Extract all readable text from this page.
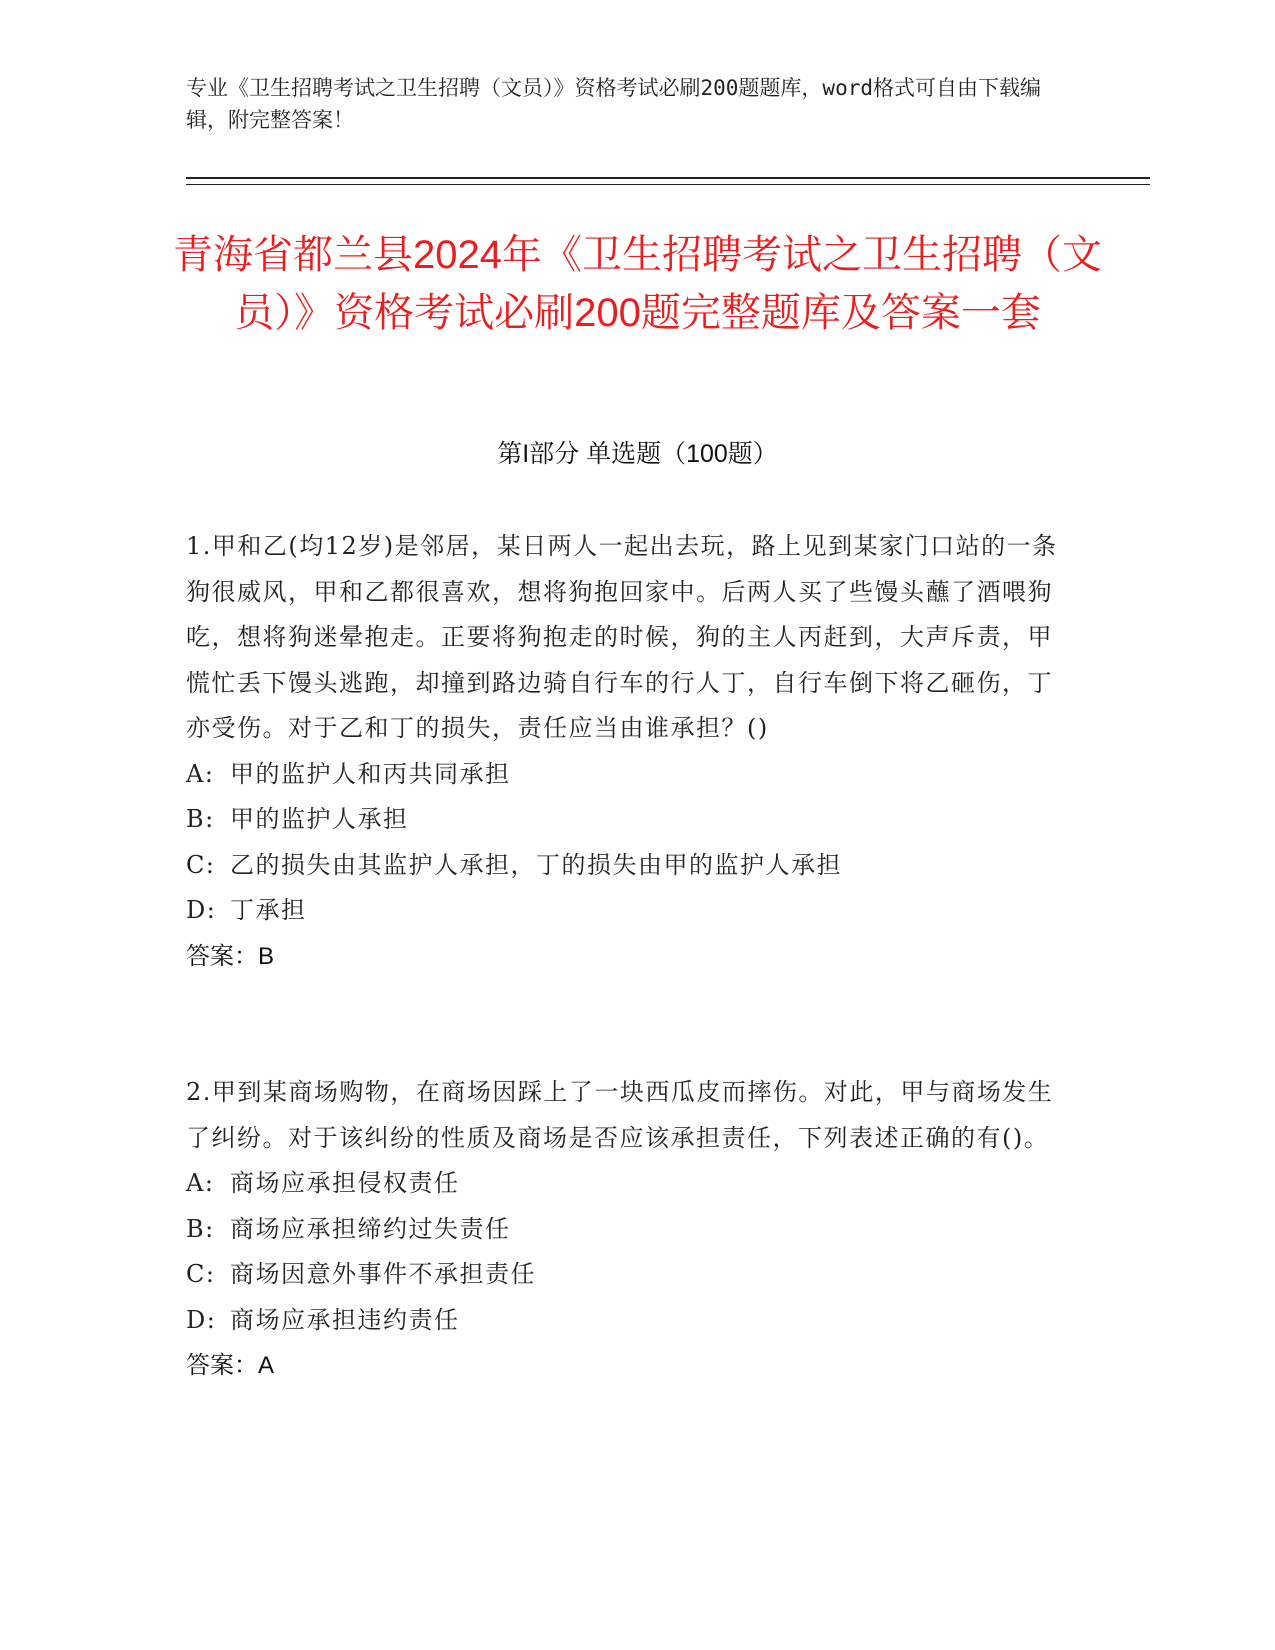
专业《卫生招聘考试之卫生招聘（文员）》资格考试必刷200题题库，word格式可自由下载编辑，附完整答案！
青海省都兰县2024年《卫生招聘考试之卫生招聘（文员）》资格考试必刷200题完整题库及答案一套
第I部分 单选题（100题）

1.甲和乙(均12岁)是邻居，某日两人一起出去玩，路上见到某家门口站的一条狗很威风，甲和乙都很喜欢，想将狗抱回家中。后两人买了些馒头蘸了酒喂狗吃，想将狗迷晕抱走。正要将狗抱走的时候，狗的主人丙赶到，大声斥责，甲慌忙丢下馒头逃跑，却撞到路边骑自行车的行人丁，自行车倒下将乙砸伤，丁亦受伤。对于乙和丁的损失，责任应当由谁承担？()

A: 甲的监护人和丙共同承担
B: 甲的监护人承担
C: 乙的损失由其监护人承担，丁的损失由甲的监护人承担
D: 丁承担

答案：B

2.甲到某商场购物，在商场因踩上了一块西瓜皮而摔伤。对此，甲与商场发生了纠纷。对于该纠纷的性质及商场是否应该承担责任，下列表述正确的有()。

A: 商场应承担侵权责任
B: 商场应承担缔约过失责任
C: 商场因意外事件不承担责任
D: 商场应承担违约责任

答案：A
